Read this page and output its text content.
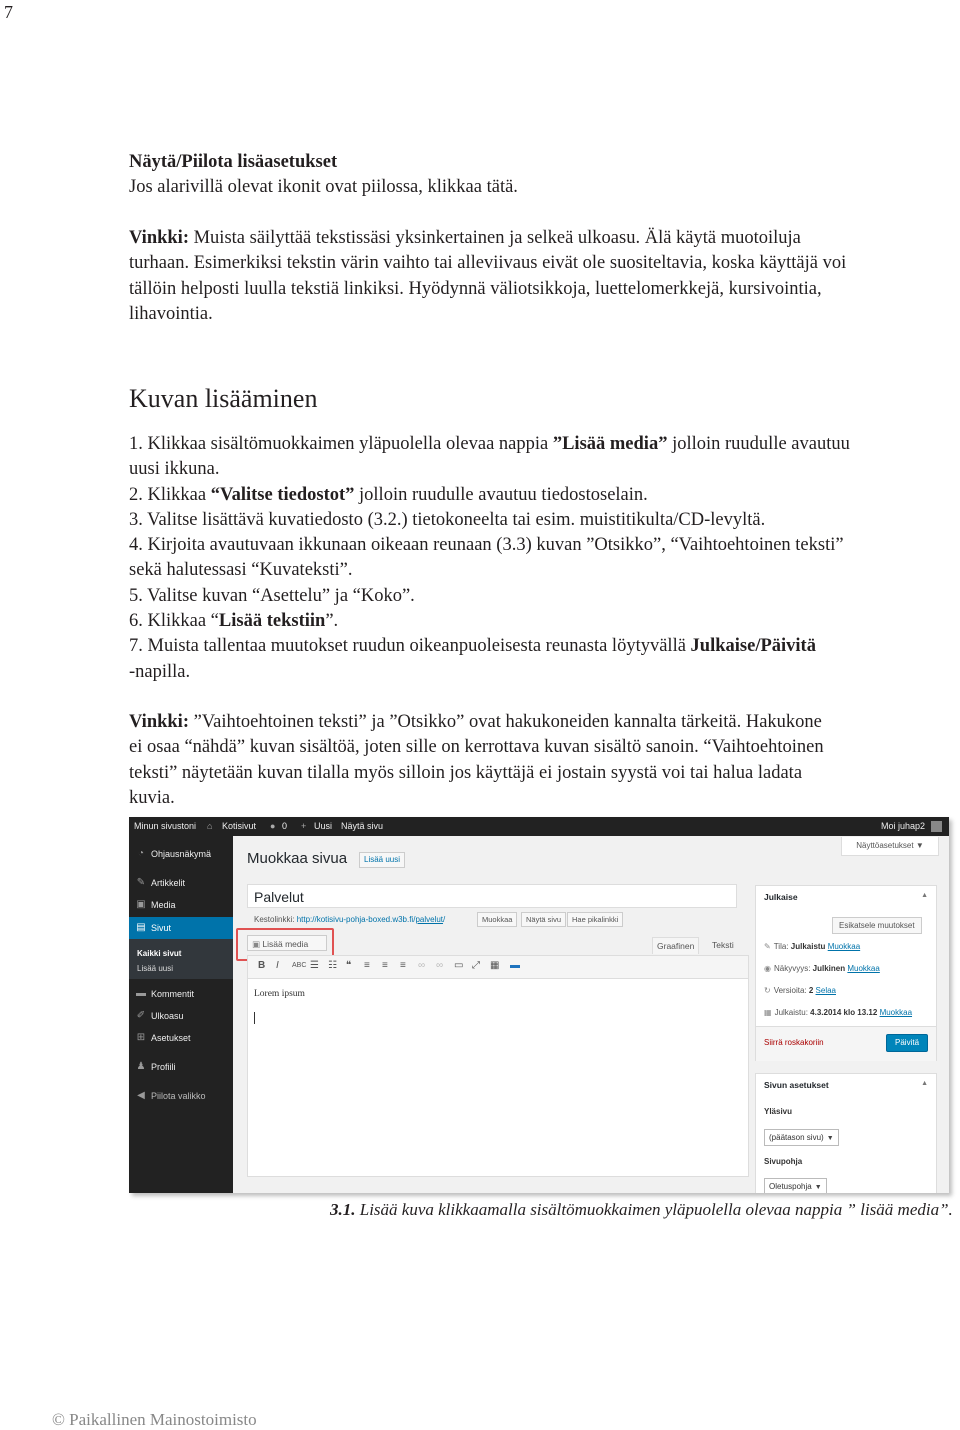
7

Näytä/Piilota lisäasetukset

Jos alarivillä olevat ikonit ovat piilossa, klikkaa tätä.

Vinkki: Muista säilyttää tekstissäsi yksinkertainen ja selkeä ulkoasu. Älä käytä muotoiluja

turhaan. Esimerkiksi tekstin värin vaihto tai alleviivaus eivät ole suositeltavia, koska käyttäjä voi

tällöin helposti luulla tekstiä linkiksi. Hyödynnä väliotsikkoja, luettelomerkkejä, kursivointia,

lihavointia.

Kuvan lisääminen

1. Klikkaa sisältömuokkaimen yläpuolella olevaa nappia ”Lisää media” jolloin ruudulle avautuu

uusi ikkuna.

2. Klikkaa “Valitse tiedostot” jolloin ruudulle avautuu tiedostoselain.

3. Valitse lisättävä kuvatiedosto (3.2.) tietokoneelta tai esim. muistitikulta/CD-levyltä.

4. Kirjoita avautuvaan ikkunaan oikeaan reunaan (3.3) kuvan ”Otsikko”, “Vaihtoehtoinen teksti”

sekä halutessasi “Kuvateksti”.

5. Valitse kuvan “Asettelu” ja “Koko”.

6. Klikkaa “Lisää tekstiin”.

7. Muista tallentaa muutokset ruudun oikeanpuoleisesta reunasta löytyvällä Julkaise/Päivitä

-napilla.

Vinkki: ”Vaihtoehtoinen teksti” ja ”Otsikko” ovat hakukoneiden kannalta tärkeitä. Hakukone

ei osaa “nähdä” kuvan sisältöä, joten sille on kerrottava kuvan sisältö sanoin. “Vaihtoehtoinen

teksti” näytetään kuvan tilalla myös silloin jos käyttäjä ei jostain syystä voi tai halua ladata

kuvia.

Minun sivustoni ⌂ Kotisivut ● 0 + Uusi Näytä sivu	Moi juhap2
◔ Ohjausnäkymä
✎ Artikkelit
▣ Media
▤ Sivut
Kaikki sivut
Lisää uusi
▬ Kommentit
✐ Ulkoasu
⊞ Asetukset
♟ Profiili
◀ Piilota valikko
Näyttöasetukset ▼
Muokkaa sivua	Lisää uusi
Palvelut
Kestolinkki: http://kotisivu-pohja-boxed.w3b.fi/palvelut/	Muokkaa	Näytä sivu	Hae pikalinkki
▣ Lisää media	Graafinen	Teksti
B I ABC ☰ ☷ ❝ ≡ ≡ ≡ ∞ ∞ ▭ ⤢ ▦ ▬
Lorem ipsum
Julkaise	▲
Esikatsele muutokset
✎ Tila: Julkaistu Muokkaa
◉ Näkyvyys: Julkinen Muokkaa
↻ Versioita: 2 Selaa
▦ Julkaistu: 4.3.2014 klo 13.12 Muokkaa
Siirrä roskakoriin	Päivitä
Sivun asetukset	▲
Yläsivu
(päätason sivu) ▼
Sivupohja
Oletuspohja ▼
3.1. Lisää kuva klikkaamalla sisältömuokkaimen yläpuolella olevaa nappia ” lisää media”.
© Paikallinen Mainostoimisto
